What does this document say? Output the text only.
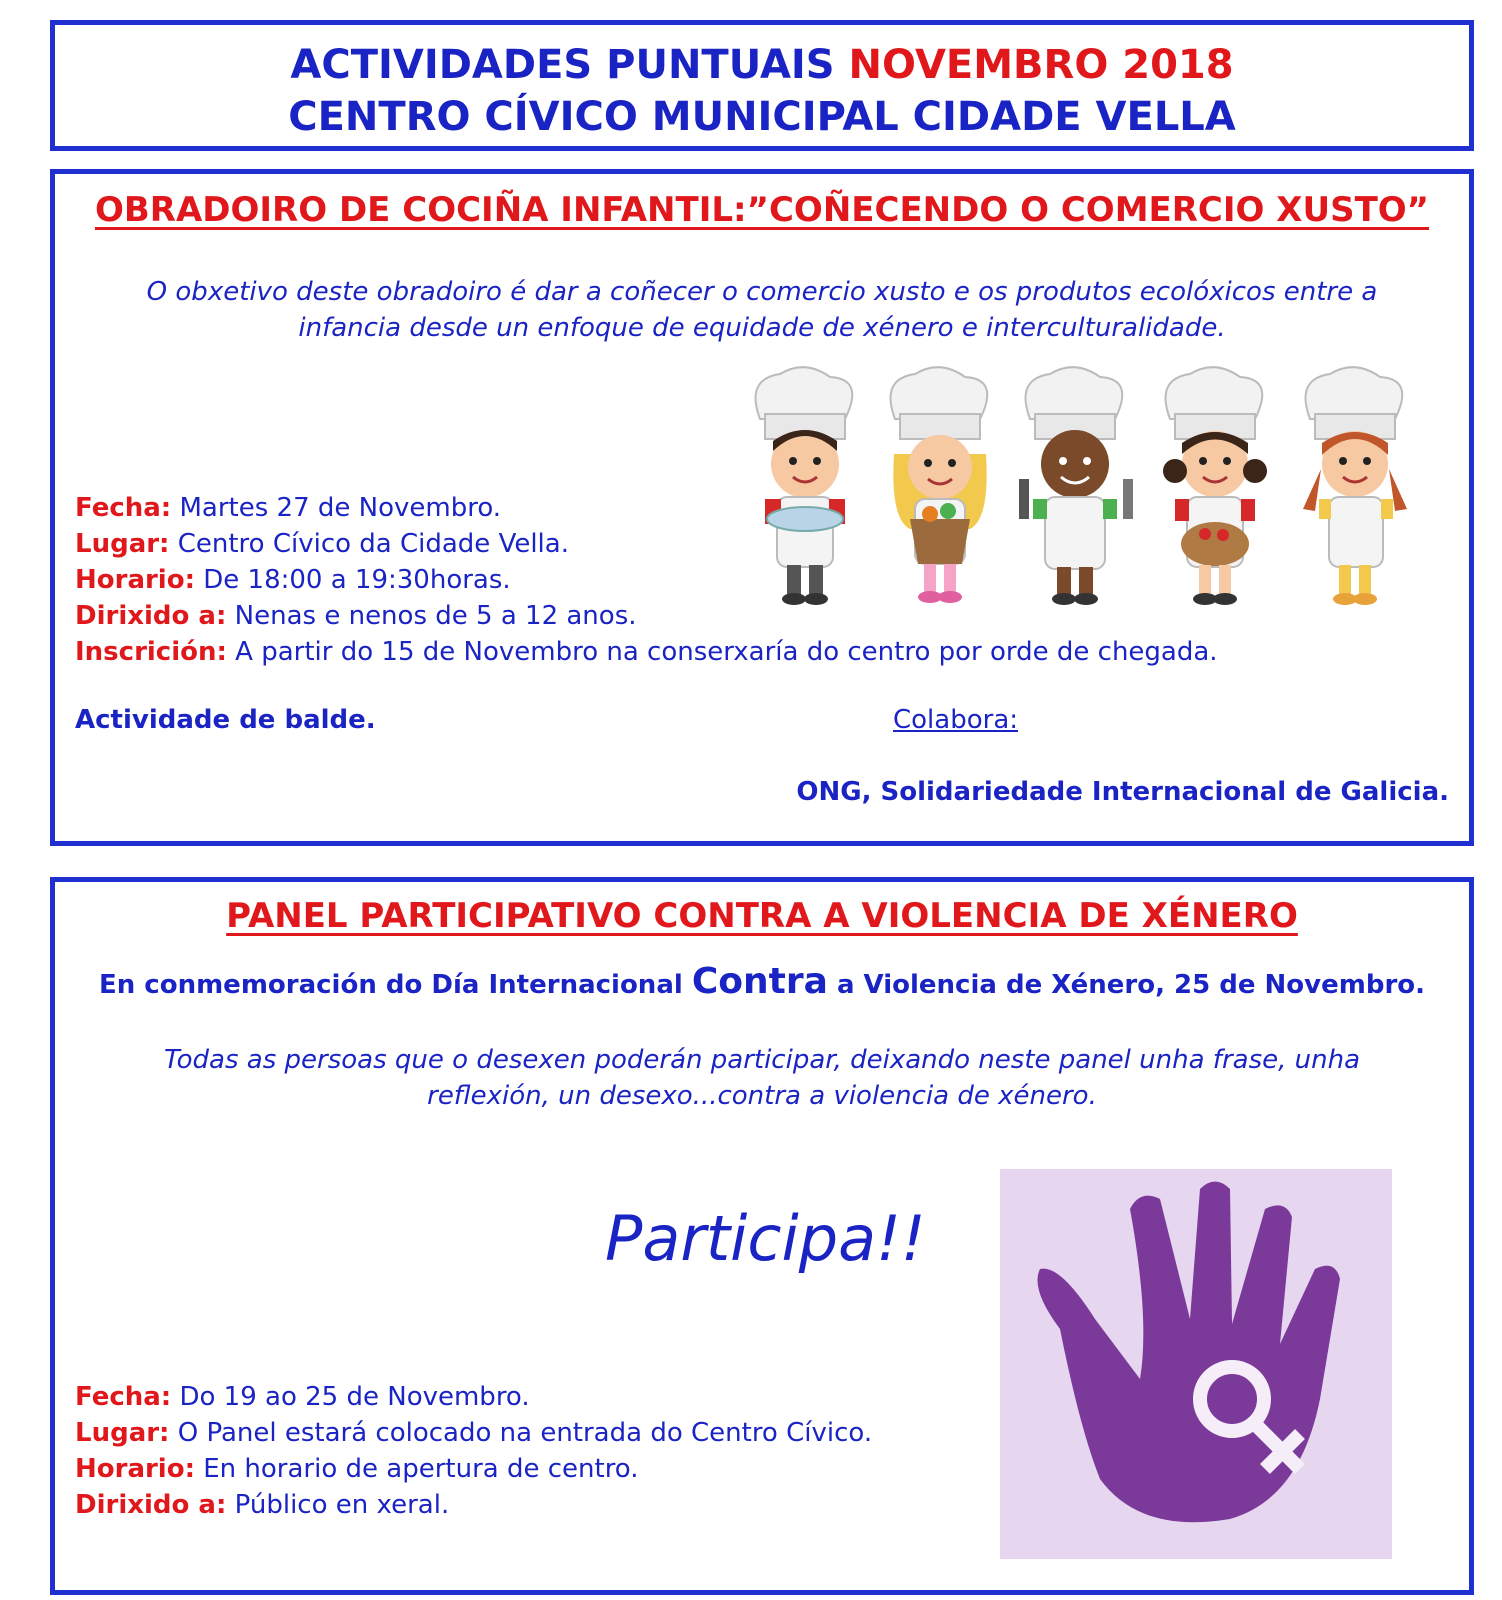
ACTIVIDADES PUNTUAIS NOVEMBRO 2018
CENTRO CÍVICO MUNICIPAL CIDADE VELLA
OBRADOIRO DE COCIÑA INFANTIL:”COÑECENDO O COMERCIO XUSTO”
O obxetivo deste obradoiro é dar a coñecer o comercio xusto e os produtos ecolóxicos entre a
infancia desde un enfoque de equidade de xénero e interculturalidade.
Fecha: Martes 27 de Novembro.
Lugar: Centro Cívico da Cidade Vella.
Horario: De 18:00 a 19:30horas.
Dirixido a: Nenas e nenos de 5 a 12 anos.
Inscrición: A partir do 15 de Novembro na conserxaría do centro por orde de chegada.
Actividade de balde.	Colabora:
ONG, Solidariedade Internacional de Galicia.
PANEL PARTICIPATIVO CONTRA A VIOLENCIA DE XÉNERO
En conmemoración do Día Internacional Contra a Violencia de Xénero, 25 de Novembro.
Todas as persoas que o desexen poderán participar, deixando neste panel unha frase, unha
reflexión, un desexo...contra a violencia de xénero.
Participa!!
Fecha: Do 19 ao 25 de Novembro.
Lugar: O Panel estará colocado na entrada do Centro Cívico.
Horario: En horario de apertura de centro.
Dirixido a: Público en xeral.
